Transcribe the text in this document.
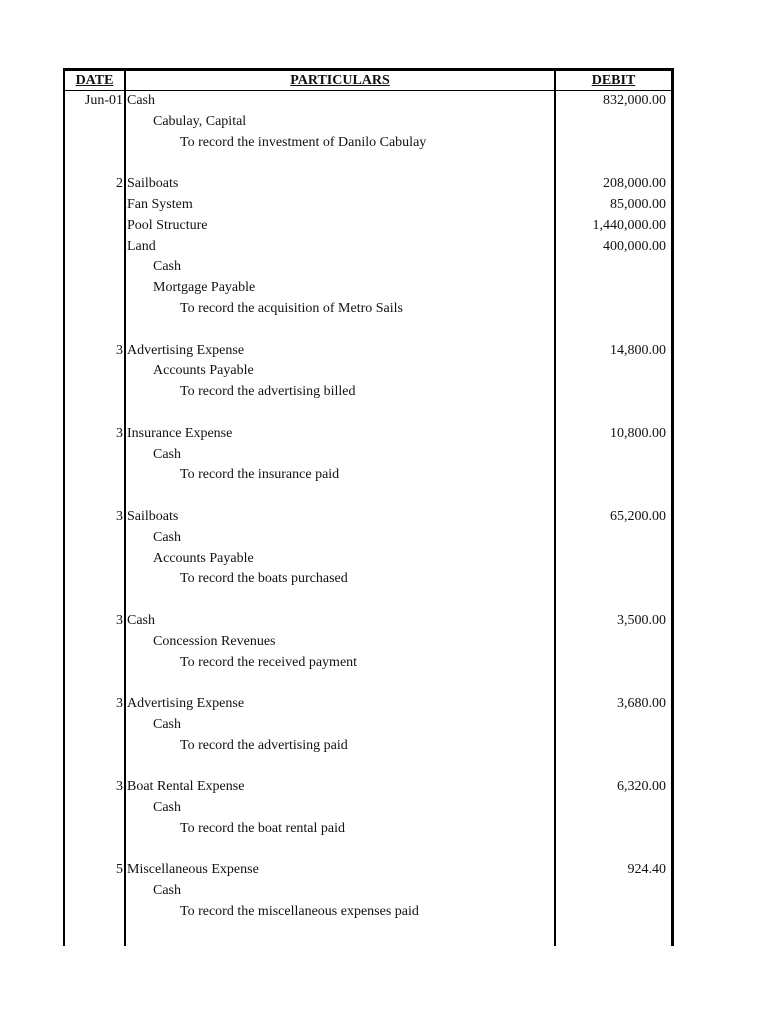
DATE	PARTICULARS	DEBIT
Jun-01 Cash	832,000.00
Cabulay, Capital
To record the investment of Danilo Cabulay
2 Sailboats	208,000.00
Fan System	85,000.00
Pool Structure	1,440,000.00
Land	400,000.00
Cash
Mortgage Payable
To record the acquisition of Metro Sails
3 Advertising Expense	14,800.00
Accounts Payable
To record the advertising billed
3 Insurance Expense	10,800.00
Cash
To record the insurance paid
3 Sailboats	65,200.00
Cash
Accounts Payable
To record the boats purchased
3 Cash	3,500.00
Concession Revenues
To record the received payment
3 Advertising Expense	3,680.00
Cash
To record the advertising paid
3 Boat Rental Expense	6,320.00
Cash
To record the boat rental paid
5 Miscellaneous Expense	924.40
Cash
To record the miscellaneous expenses paid
